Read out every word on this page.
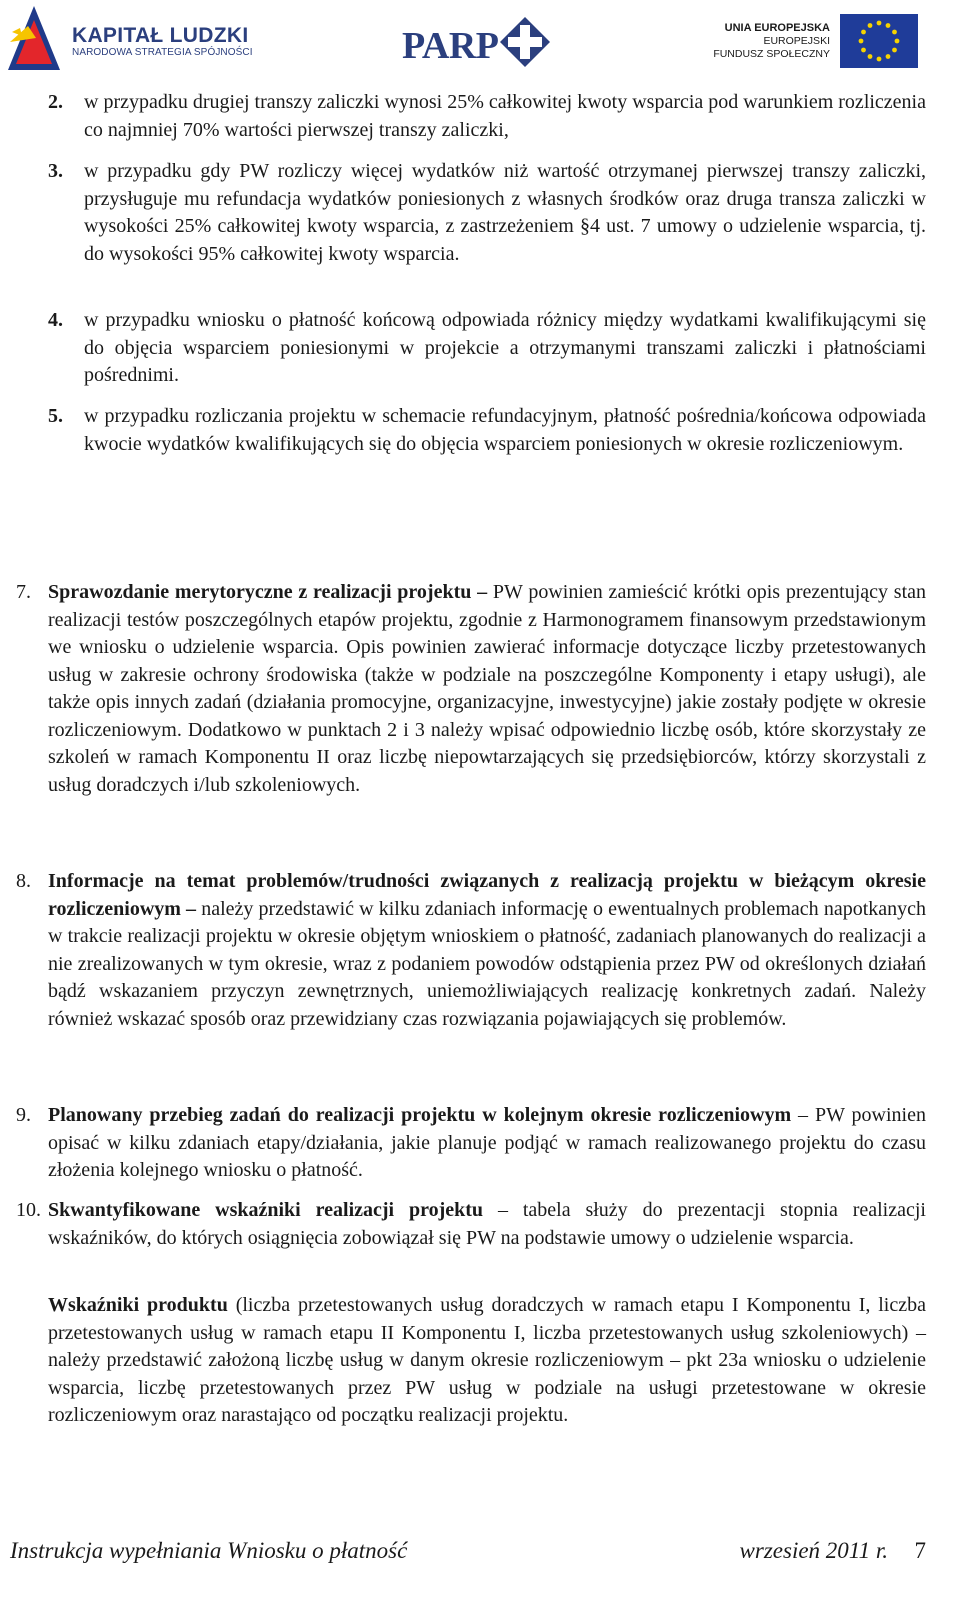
KAPITAŁ LUDZKI
NARODOWA STRATEGIA SPÓJNOŚCI	PARP	UNIA EUROPEJSKA
EUROPEJSKI
FUNDUSZ SPOŁECZNY
2. w przypadku drugiej transzy zaliczki wynosi 25% całkowitej kwoty wsparcia pod warunkiem rozliczenia co najmniej 70% wartości pierwszej transzy zaliczki,
3. w przypadku gdy PW rozliczy więcej wydatków niż wartość otrzymanej pierwszej transzy zaliczki, przysługuje mu refundacja wydatków poniesionych z własnych środków oraz druga transza zaliczki w wysokości 25% całkowitej kwoty wsparcia, z zastrzeżeniem §4 ust. 7 umowy o udzielenie wsparcia, tj. do wysokości 95% całkowitej kwoty wsparcia.
4. w przypadku wniosku o płatność końcową odpowiada różnicy między wydatkami kwalifikującymi się do objęcia wsparciem poniesionymi w projekcie a otrzymanymi transzami zaliczki i płatnościami pośrednimi.
5. w przypadku rozliczania projektu w schemacie refundacyjnym, płatność pośrednia/końcowa odpowiada kwocie wydatków kwalifikujących się do objęcia wsparciem poniesionych w okresie rozliczeniowym.
7. Sprawozdanie merytoryczne z realizacji projektu – PW powinien zamieścić krótki opis prezentujący stan realizacji testów poszczególnych etapów projektu, zgodnie z Harmonogramem finansowym przedstawionym we wniosku o udzielenie wsparcia. Opis powinien zawierać informacje dotyczące liczby przetestowanych usług w zakresie ochrony środowiska (także w podziale na poszczególne Komponenty i etapy usługi), ale także opis innych zadań (działania promocyjne, organizacyjne, inwestycyjne) jakie zostały podjęte w okresie rozliczeniowym. Dodatkowo w punktach 2 i 3 należy wpisać odpowiednio liczbę osób, które skorzystały ze szkoleń w ramach Komponentu II oraz liczbę niepowtarzających się przedsiębiorców, którzy skorzystali z usług doradczych i/lub szkoleniowych.
8. Informacje na temat problemów/trudności związanych z realizacją projektu w bieżącym okresie rozliczeniowym – należy przedstawić w kilku zdaniach informację o ewentualnych problemach napotkanych w trakcie realizacji projektu w okresie objętym wnioskiem o płatność, zadaniach planowanych do realizacji a nie zrealizowanych w tym okresie, wraz z podaniem powodów odstąpienia przez PW od określonych działań bądź wskazaniem przyczyn zewnętrznych, uniemożliwiających realizację konkretnych zadań. Należy również wskazać sposób oraz przewidziany czas rozwiązania pojawiających się problemów.
9. Planowany przebieg zadań do realizacji projektu w kolejnym okresie rozliczeniowym – PW powinien opisać w kilku zdaniach etapy/działania, jakie planuje podjąć w ramach realizowanego projektu do czasu złożenia kolejnego wniosku o płatność.
10. Skwantyfikowane wskaźniki realizacji projektu – tabela służy do prezentacji stopnia realizacji wskaźników, do których osiągnięcia zobowiązał się PW na podstawie umowy o udzielenie wsparcia.
Wskaźniki produktu (liczba przetestowanych usług doradczych w ramach etapu I Komponentu I, liczba przetestowanych usług w ramach etapu II Komponentu I, liczba przetestowanych usług szkoleniowych) – należy przedstawić założoną liczbę usług w danym okresie rozliczeniowym – pkt 23a wniosku o udzielenie wsparcia, liczbę przetestowanych przez PW usług w podziale na usługi przetestowane w okresie rozliczeniowym oraz narastająco od początku realizacji projektu.
Instrukcja wypełniania Wniosku o płatność	wrzesień 2011 r. 7
